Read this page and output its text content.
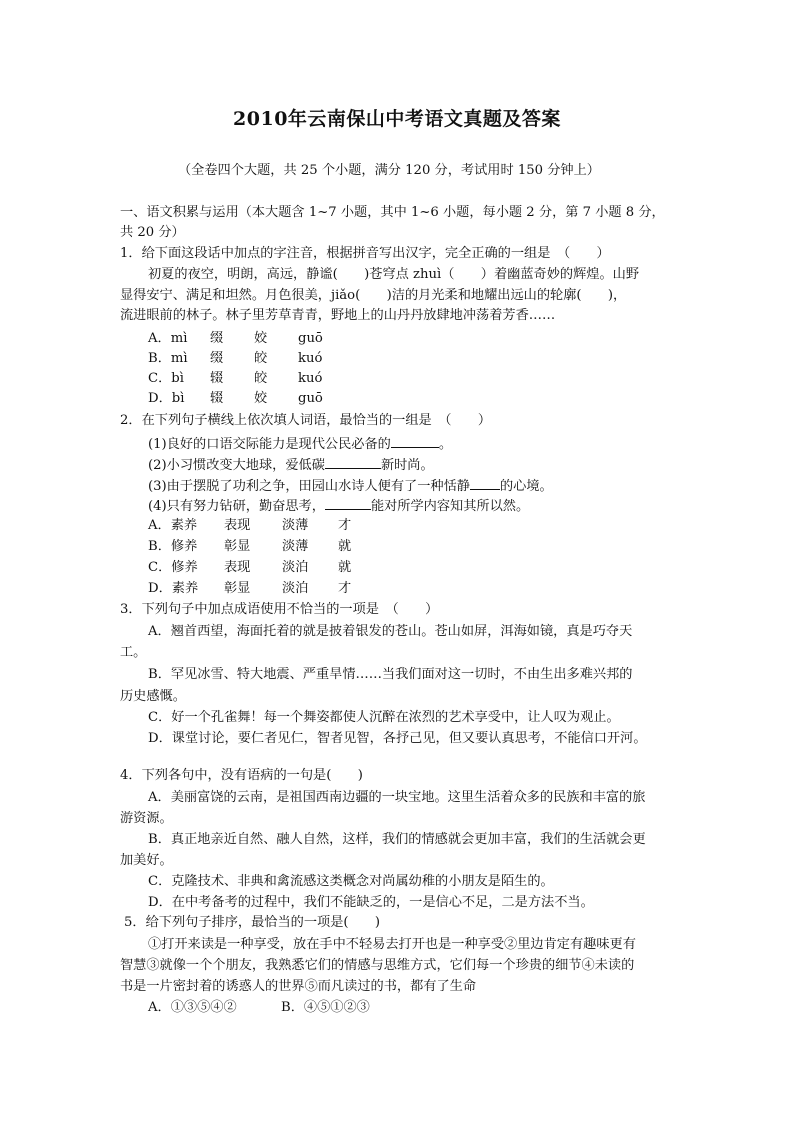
2010年云南保山中考语文真题及答案
（全卷四个大题，共 25 个小题，满分 120 分，考试用时 150 分钟上）
一、语文积累与运用（本大题含 1~7 小题，其中 1~6 小题，每小题 2 分，第 7 小题 8 分，
共 20 分）
1．给下面这段话中加点的字注音，根据拼音写出汉字，完全正确的一组是　（　　）
初夏的夜空，明朗，高远，静谧(　　)苍穹点 zhuì（　　）着幽蓝奇妙的辉煌。山野
显得安宁、满足和坦然。月色很美，jiǎo(　　)洁的月光柔和地耀出远山的轮廓(　　)，
流进眼前的林子。林子里芳草青青，野地上的山丹丹放肆地冲荡着芳香……
A．mì 缀 姣 guō
B．mì 缀 皎 kuó
C．bì 辍 皎 kuó
D．bì 辍 姣 guō
2．在下列句子横线上依次填人词语，最恰当的一组是　（　　）
(1)良好的口语交际能力是现代公民必备的	。
(2)小习惯改变大地球，爱低碳	新时尚。
(3)由于摆脱了功利之争，田园山水诗人便有了一种恬静 的心境。
(4)只有努力钻研，勤奋思考，	能对所学内容知其所以然。
A．素养 表现 淡薄 才
B．修养 彰显 淡薄 就
C．修养 表现 淡泊 就
D．素养 彰显 淡泊 才
3．下列句子中加点成语使用不恰当的一项是　（　　）
A．翘首西望，海面托着的就是披着银发的苍山。苍山如屏，洱海如镜，真是巧夺天
工。
B．罕见冰雪、特大地震、严重旱情……当我们面对这一切时，不由生出多难兴邦的
历史感慨。
C．好一个孔雀舞！每一个舞姿都使人沉醉在浓烈的艺术享受中，让人叹为观止。
D．课堂讨论，要仁者见仁，智者见智，各抒己见，但又要认真思考，不能信口开河。
4．下列各句中，没有语病的一句是(　　)
A．美丽富饶的云南，是祖国西南边疆的一块宝地。这里生活着众多的民族和丰富的旅
游资源。
B．真正地亲近自然、融人自然，这样，我们的情感就会更加丰富，我们的生活就会更
加美好。
C．克隆技术、非典和禽流感这类概念对尚属幼稚的小朋友是陌生的。
D．在中考备考的过程中，我们不能缺乏的，一是信心不足，二是方法不当。
5．给下列句子排序，最恰当的一项是(　　)
①打开来读是一种享受，放在手中不轻易去打开也是一种享受②里边肯定有趣味更有
智慧③就像一个个朋友，我熟悉它们的情感与思维方式，它们每一个珍贵的细节④未读的
书是一片密封着的诱惑人的世界⑤而凡读过的书，都有了生命
A．①③⑤④②	B．④⑤①②③
